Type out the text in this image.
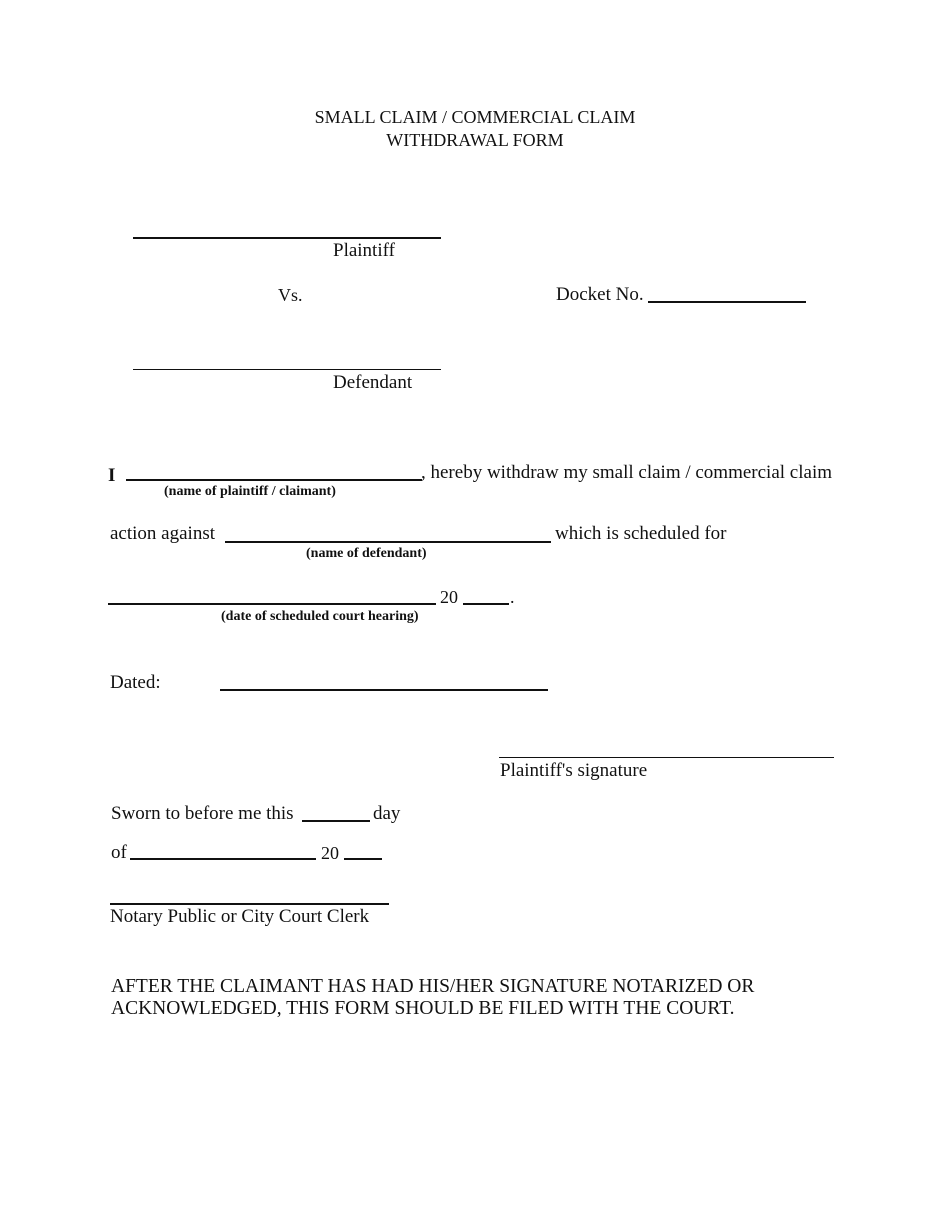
SMALL CLAIM / COMMERCIAL CLAIM
WITHDRAWAL FORM
Plaintiff
Vs.	Docket No.
Defendant
I	, hereby withdraw my small claim / commercial claim
(name of plaintiff / claimant)
action against	which is scheduled for
(name of defendant)
20	.
(date of scheduled court hearing)
Dated:
Plaintiff's signature
Sworn to before me this	day
of	20
Notary Public or City Court Clerk
AFTER THE CLAIMANT HAS HAD HIS/HER SIGNATURE NOTARIZED OR
ACKNOWLEDGED, THIS FORM SHOULD BE FILED WITH THE COURT.
